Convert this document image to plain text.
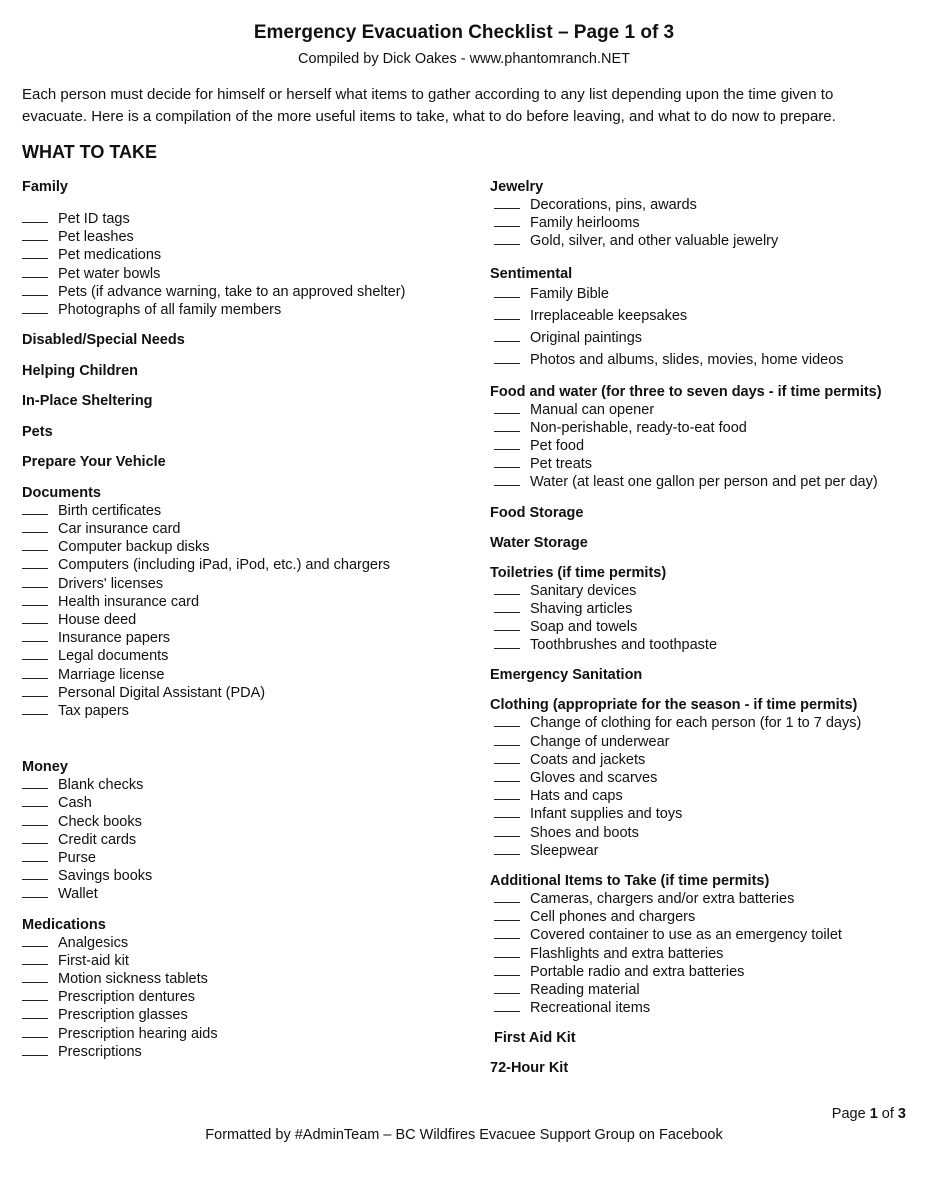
Emergency Evacuation Checklist – Page 1 of 3
Compiled by Dick Oakes - www.phantomranch.NET
Each person must decide for himself or herself what items to gather according to any list depending upon the time given to evacuate. Here is a compilation of the more useful items to take, what to do before leaving, and what to do now to prepare.
WHAT TO TAKE
Family
Pet ID tags
Pet leashes
Pet medications
Pet water bowls
Pets (if advance warning, take to an approved shelter)
Photographs of all family members
Disabled/Special Needs
Helping Children
In-Place Sheltering
Pets
Prepare Your Vehicle
Documents
Birth certificates
Car insurance card
Computer backup disks
Computers (including iPad, iPod, etc.) and chargers
Drivers' licenses
Health insurance card
House deed
Insurance papers
Legal documents
Marriage license
Personal Digital Assistant (PDA)
Tax papers
Money
Blank checks
Cash
Check books
Credit cards
Purse
Savings books
Wallet
Medications
Analgesics
First-aid kit
Motion sickness tablets
Prescription dentures
Prescription glasses
Prescription hearing aids
Prescriptions
Jewelry
Decorations, pins, awards
Family heirlooms
Gold, silver, and other valuable jewelry
Sentimental
Family Bible
Irreplaceable keepsakes
Original paintings
Photos and albums, slides, movies, home videos
Food and water (for three to seven days - if time permits)
Manual can opener
Non-perishable, ready-to-eat food
Pet food
Pet treats
Water (at least one gallon per person and pet per day)
Food Storage
Water Storage
Toiletries (if time permits)
Sanitary devices
Shaving articles
Soap and towels
Toothbrushes and toothpaste
Emergency Sanitation
Clothing (appropriate for the season - if time permits)
Change of clothing for each person (for 1 to 7 days)
Change of underwear
Coats and jackets
Gloves and scarves
Hats and caps
Infant supplies and toys
Shoes and boots
Sleepwear
Additional Items to Take (if time permits)
Cameras, chargers and/or extra batteries
Cell phones and chargers
Covered container to use as an emergency toilet
Flashlights and extra batteries
Portable radio and extra batteries
Reading material
Recreational items
First Aid Kit
72-Hour Kit
Page 1 of 3
Formatted by #AdminTeam – BC Wildfires Evacuee Support Group on Facebook
